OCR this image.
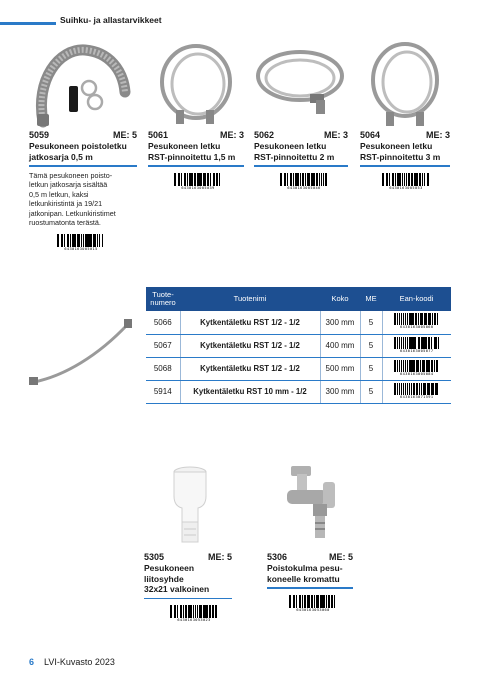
Suihku- ja allastarvikkeet
5059	ME: 5
Pesukoneen poistoletku
jatkosarja 0,5 m
Tämä pesukoneen poisto-
letkun jatkosarja sisältää
0,5 m letkun, kaksi
letkunkiristintä ja 19/21
jatkonipan. Letkunkiristimet
ruostumatonta terästä.
6430163005015
5061	ME: 3
Pesukoneen letku
RST-pinnoitettu 1,5 m
6430163005039
5062	ME: 3
Pesukoneen letku
RST-pinnoitettu 2 m
6430163005046
5064	ME: 3
Pesukoneen letku
RST-pinnoitettu 3 m
6430163005053
Tuote-
numero	Tuotenimi	Koko	ME	Ean-koodi
5066	Kytkentäletku RST 1/2 - 1/2	300 mm	5	6430163005060

5067	Kytkentäletku RST 1/2 - 1/2	400 mm	5	6430163005077

5068	Kytkentäletku RST 1/2 - 1/2	500 mm	5	6430163005084

5914	Kytkentäletku RST 10 mm - 1/2	300 mm	5	6430163071591
5305	ME: 5
Pesukoneen liitosyhde
32x21 valkoinen
6430163053023
5306	ME: 5
Poistokulma pesu-
koneelle kromattu
6430163053060
6 LVI-Kuvasto 2023
